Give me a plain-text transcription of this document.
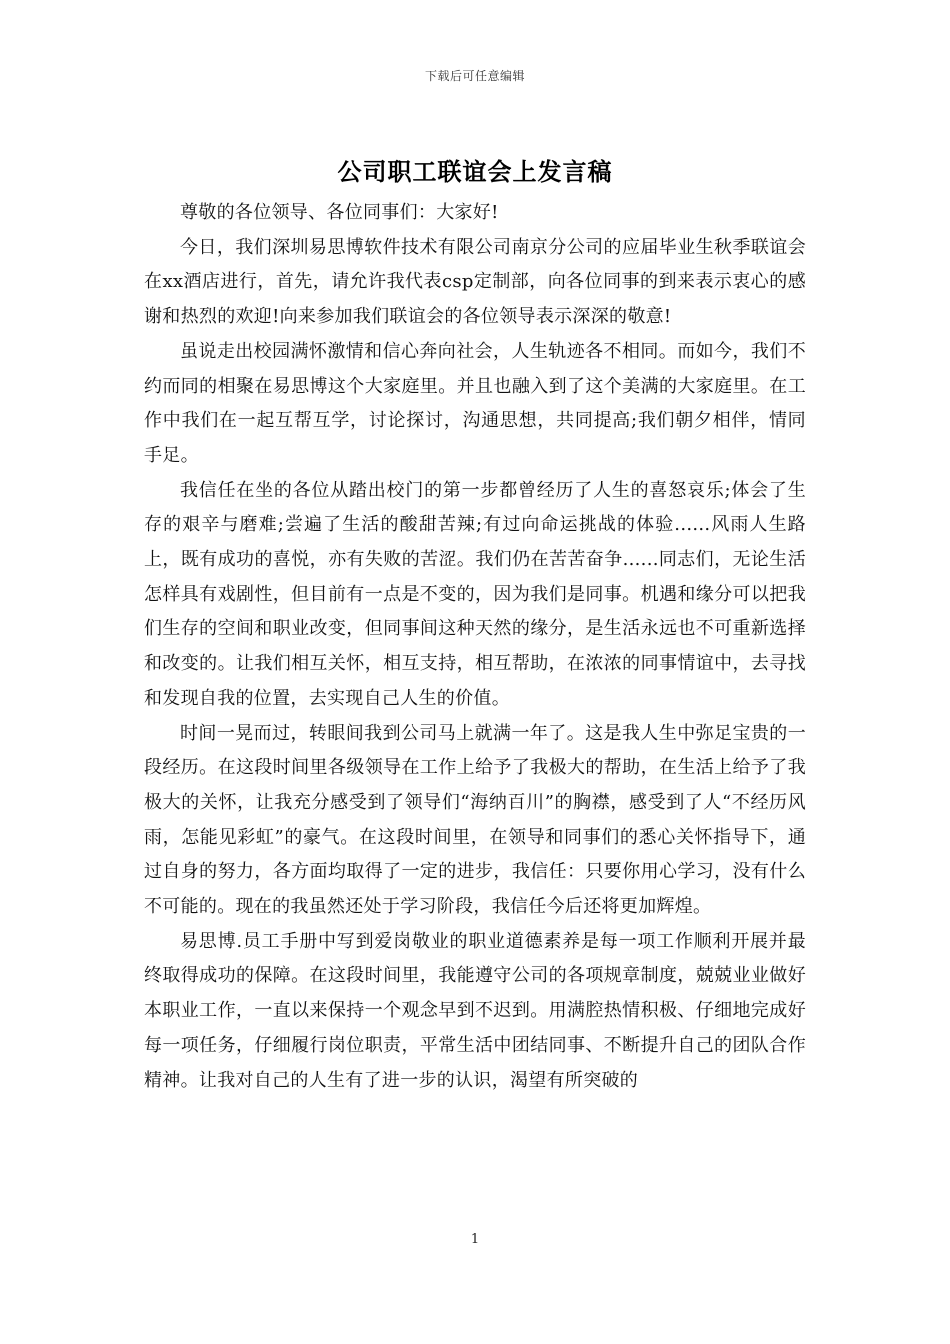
下载后可任意编辑
公司职工联谊会上发言稿

尊敬的各位领导、各位同事们：大家好!

今日，我们深圳易思博软件技术有限公司南京分公司的应届毕业生秋季联谊会在xx酒店进行，首先，请允许我代表csp定制部，向各位同事的到来表示衷心的感谢和热烈的欢迎!向来参加我们联谊会的各位领导表示深深的敬意!

虽说走出校园满怀激情和信心奔向社会，人生轨迹各不相同。而如今，我们不约而同的相聚在易思博这个大家庭里。并且也融入到了这个美满的大家庭里。在工作中我们在一起互帮互学，讨论探讨，沟通思想，共同提高;我们朝夕相伴，情同手足。

我信任在坐的各位从踏出校门的第一步都曾经历了人生的喜怒哀乐;体会了生存的艰辛与磨难;尝遍了生活的酸甜苦辣;有过向命运挑战的体验......风雨人生路上，既有成功的喜悦，亦有失败的苦涩。我们仍在苦苦奋争......同志们，无论生活怎样具有戏剧性，但目前有一点是不变的，因为我们是同事。机遇和缘分可以把我们生存的空间和职业改变，但同事间这种天然的缘分，是生活永远也不可重新选择和改变的。让我们相互关怀，相互支持，相互帮助，在浓浓的同事情谊中，去寻找和发现自我的位置，去实现自己人生的价值。

时间一晃而过，转眼间我到公司马上就满一年了。这是我人生中弥足宝贵的一段经历。在这段时间里各级领导在工作上给予了我极大的帮助，在生活上给予了我极大的关怀，让我充分感受到了领导们“海纳百川”的胸襟，感受到了人“不经历风雨，怎能见彩虹”的豪气。在这段时间里，在领导和同事们的悉心关怀指导下，通过自身的努力，各方面均取得了一定的进步，我信任：只要你用心学习，没有什么不可能的。现在的我虽然还处于学习阶段，我信任今后还将更加辉煌。

易思博.员工手册中写到爱岗敬业的职业道德素养是每一项工作顺利开展并最终取得成功的保障。在这段时间里，我能遵守公司的各项规章制度，兢兢业业做好本职业工作，一直以来保持一个观念早到不迟到。用满腔热情积极、仔细地完成好每一项任务，仔细履行岗位职责，平常生活中团结同事、不断提升自己的团队合作精神。让我对自己的人生有了进一步的认识，渴望有所突破的

1
